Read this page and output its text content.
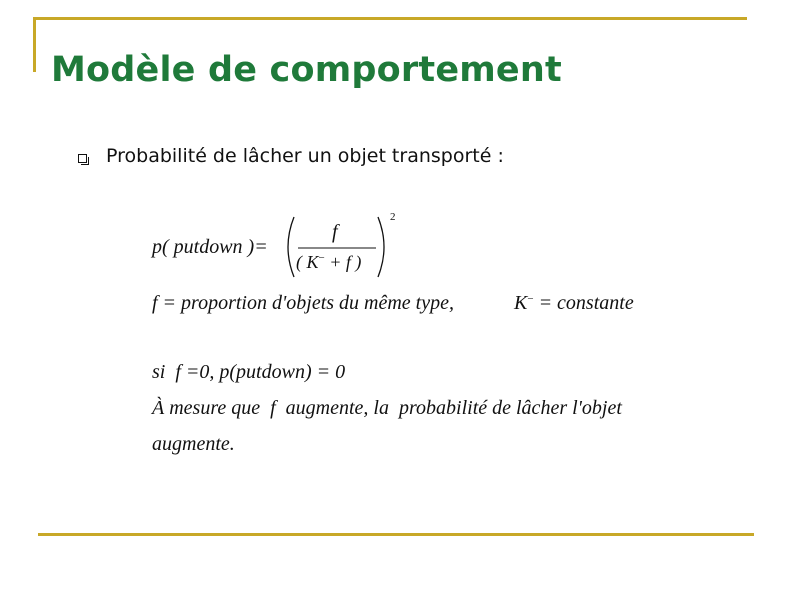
Modèle de comportement
Probabilité de lâcher un objet transporté :
p( putdown )=
f
( K− + f )
2
f = proportion d'objets du même type,	K− = constante
si  f =0, p(putdown) = 0
À mesure que  f  augmente, la  probabilité de lâcher l'objet
augmente.
